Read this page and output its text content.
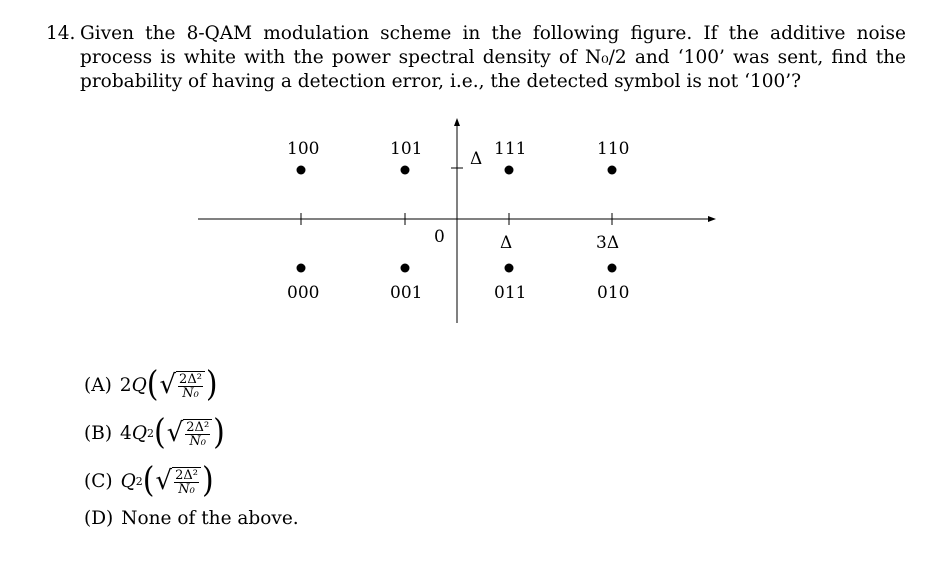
14. Given the 8-QAM modulation scheme in the following figure. If the additive noise process is white with the power spectral density of N₀/2 and ‘100’ was sent, find the probability of having a detection error, i.e., the detected symbol is not ‘100’?
0
Δ
Δ	3Δ
100	101	111	110
000	001	011	010
(A) 2 Q ( √ $\frac{\text{2Δ²}}{\text{N₀}}$ )
(B) 4 Q 2 ( √ $\frac{\text{2Δ²}}{\text{N₀}}$ )
(C) Q 2 ( √ $\frac{\text{2Δ²}}{\text{N₀}}$ )
(D) None of the above.
